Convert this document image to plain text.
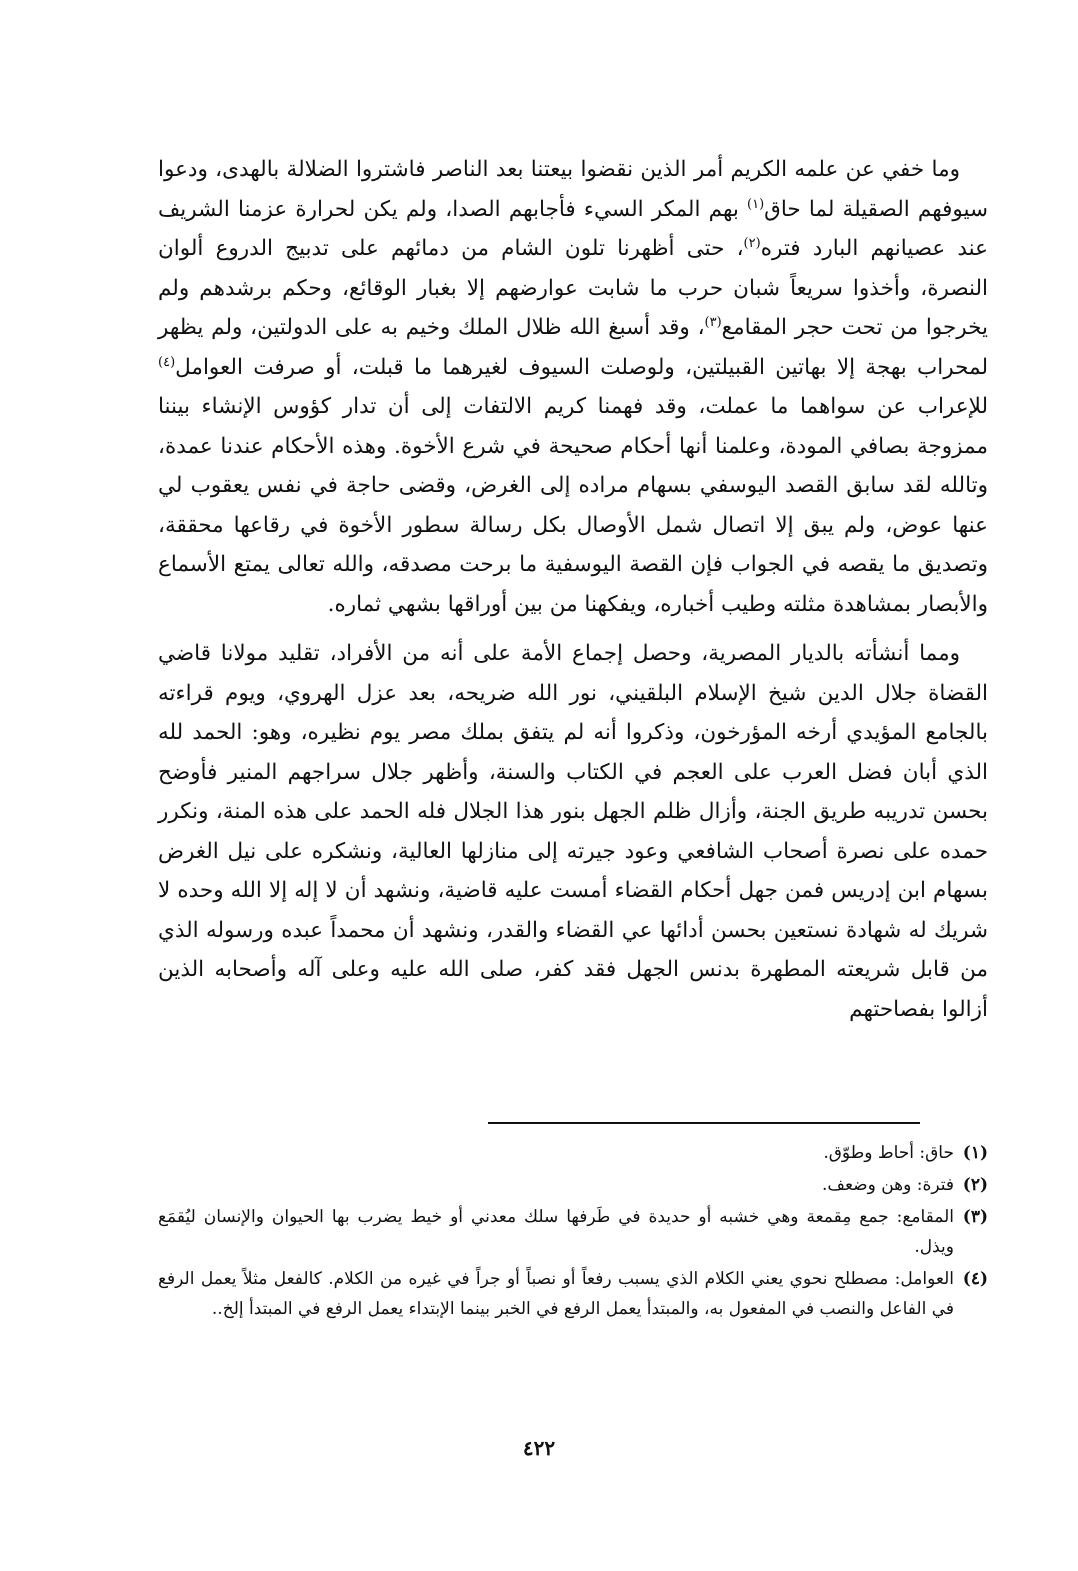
وما خفي عن علمه الكريم أمر الذين نقضوا بيعتنا بعد الناصر فاشتروا الضلالة بالهدى، ودعوا سيوفهم الصقيلة لما حاق$^{(١)}$ بهم المكر السيء فأجابهم الصدا، ولم يكن لحرارة عزمنا الشريف عند عصيانهم البارد فتره$^{(٢)}$، حتى أظهرنا تلون الشام من دمائهم على تدبيج الدروع ألوان النصرة، وأخذوا سريعاً شبان حرب ما شابت عوارضهم إلا بغبار الوقائع، وحكم برشدهم ولم يخرجوا من تحت حجر المقامع$^{(٣)}$، وقد أسبغ الله ظلال الملك وخيم به على الدولتين، ولم يظهر لمحراب بهجة إلا بهاتين القبيلتين، ولوصلت السيوف لغيرهما ما قبلت، أو صرفت العوامل$^{(٤)}$ للإعراب عن سواهما ما عملت، وقد فهمنا كريم الالتفات إلى أن تدار كؤوس الإنشاء بيننا ممزوجة بصافي المودة، وعلمنا أنها أحكام صحيحة في شرع الأخوة. وهذه الأحكام عندنا عمدة، وتالله لقد سابق القصد اليوسفي بسهام مراده إلى الغرض، وقضى حاجة في نفس يعقوب لي عنها عوض، ولم يبق إلا اتصال شمل الأوصال بكل رسالة سطور الأخوة في رقاعها محققة، وتصديق ما يقصه في الجواب فإن القصة اليوسفية ما برحت مصدقه، والله تعالى يمتع الأسماع والأبصار بمشاهدة مثلته وطيب أخباره، ويفكهنا من بين أوراقها بشهي ثماره.

ومما أنشأته بالديار المصرية، وحصل إجماع الأمة على أنه من الأفراد، تقليد مولانا قاضي القضاة جلال الدين شيخ الإسلام البلقيني، نور الله ضريحه، بعد عزل الهروي، ويوم قراءته بالجامع المؤيدي أرخه المؤرخون، وذكروا أنه لم يتفق بملك مصر يوم نظيره، وهو: الحمد لله الذي أبان فضل العرب على العجم في الكتاب والسنة، وأظهر جلال سراجهم المنير فأوضح بحسن تدريبه طريق الجنة، وأزال ظلم الجهل بنور هذا الجلال فله الحمد على هذه المنة، ونكرر حمده على نصرة أصحاب الشافعي وعود جيرته إلى منازلها العالية، ونشكره على نيل الغرض بسهام ابن إدريس فمن جهل أحكام القضاء أمست عليه قاضية، ونشهد أن لا إله إلا الله وحده لا شريك له شهادة نستعين بحسن أدائها عي القضاء والقدر، ونشهد أن محمداً عبده ورسوله الذي من قابل شريعته المطهرة بدنس الجهل فقد كفر، صلى الله عليه وعلى آله وأصحابه الذين أزالوا بفصاحتهم

(١)
حاق: أحاط وطوّق.

(٢)
فترة: وهن وضعف.

(٣)
المقامع: جمع مِقمعة وهي خشبه أو حديدة في طَرفها سلك معدني أو خيط يضرب بها الحيوان والإنسان ليُقمَع ويذل.

(٤)
العوامل: مصطلح نحوي يعني الكلام الذي يسبب رفعاً أو نصباً أو جراً في غيره من الكلام. كالفعل مثلاً يعمل الرفع في الفاعل والنصب في المفعول به، والمبتدأ يعمل الرفع في الخبر بينما الإبتداء يعمل الرفع في المبتدأ إلخ..

٤٢٢
